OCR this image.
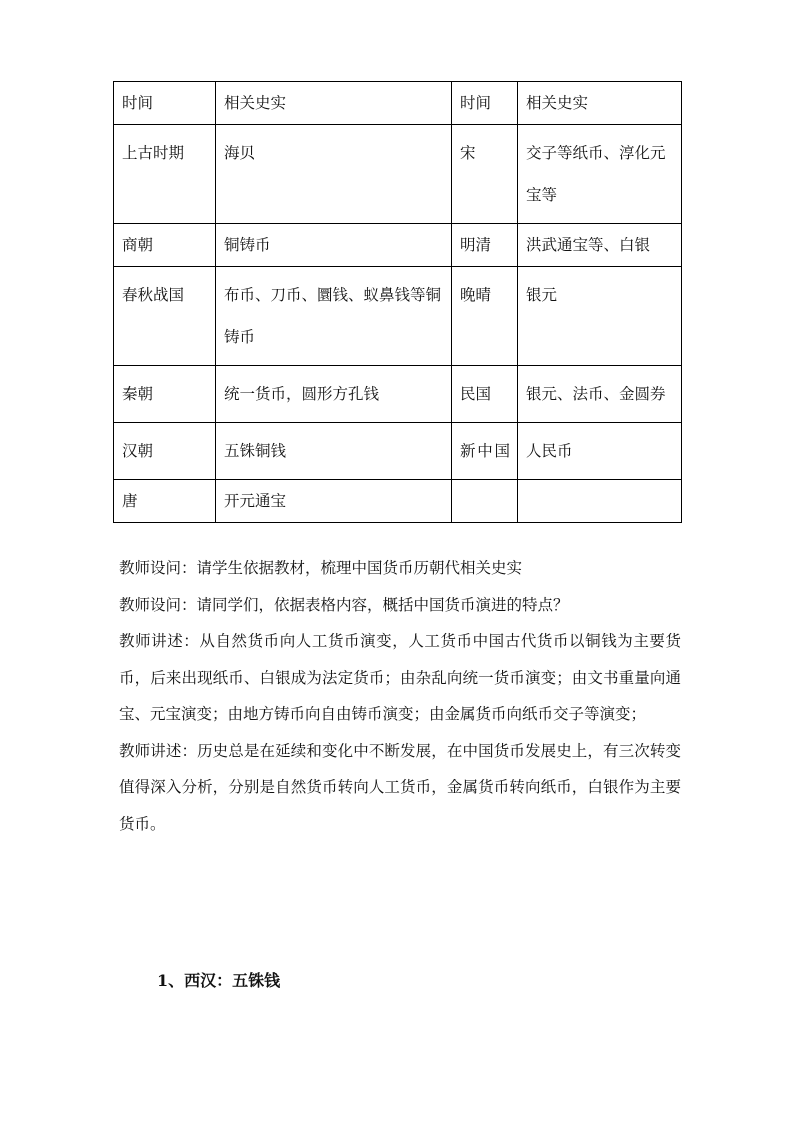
时间	相关史实	时间	相关史实
上古时期	海贝	宋	交子等纸币、淳化元宝等
商朝	铜铸币	明清	洪武通宝等、白银
春秋战国	布币、刀币、圜钱、蚁鼻钱等铜铸币	晚晴	银元
秦朝	统一货币，圆形方孔钱	民国	银元、法币、金圆券
汉朝	五铢铜钱	新中国	人民币
唐	开元通宝		

教师设问：请学生依据教材，梳理中国货币历朝代相关史实

教师设问：请同学们，依据表格内容，概括中国货币演进的特点？

教师讲述：从自然货币向人工货币演变，人工货币中国古代货币以铜钱为主要货币，后来出现纸币、白银成为法定货币；由杂乱向统一货币演变；由文书重量向通宝、元宝演变；由地方铸币向自由铸币演变；由金属货币向纸币交子等演变；

教师讲述：历史总是在延续和变化中不断发展，在中国货币发展史上，有三次转变值得深入分析，分别是自然货币转向人工货币，金属货币转向纸币，白银作为主要货币。

1、西汉：五铢钱
